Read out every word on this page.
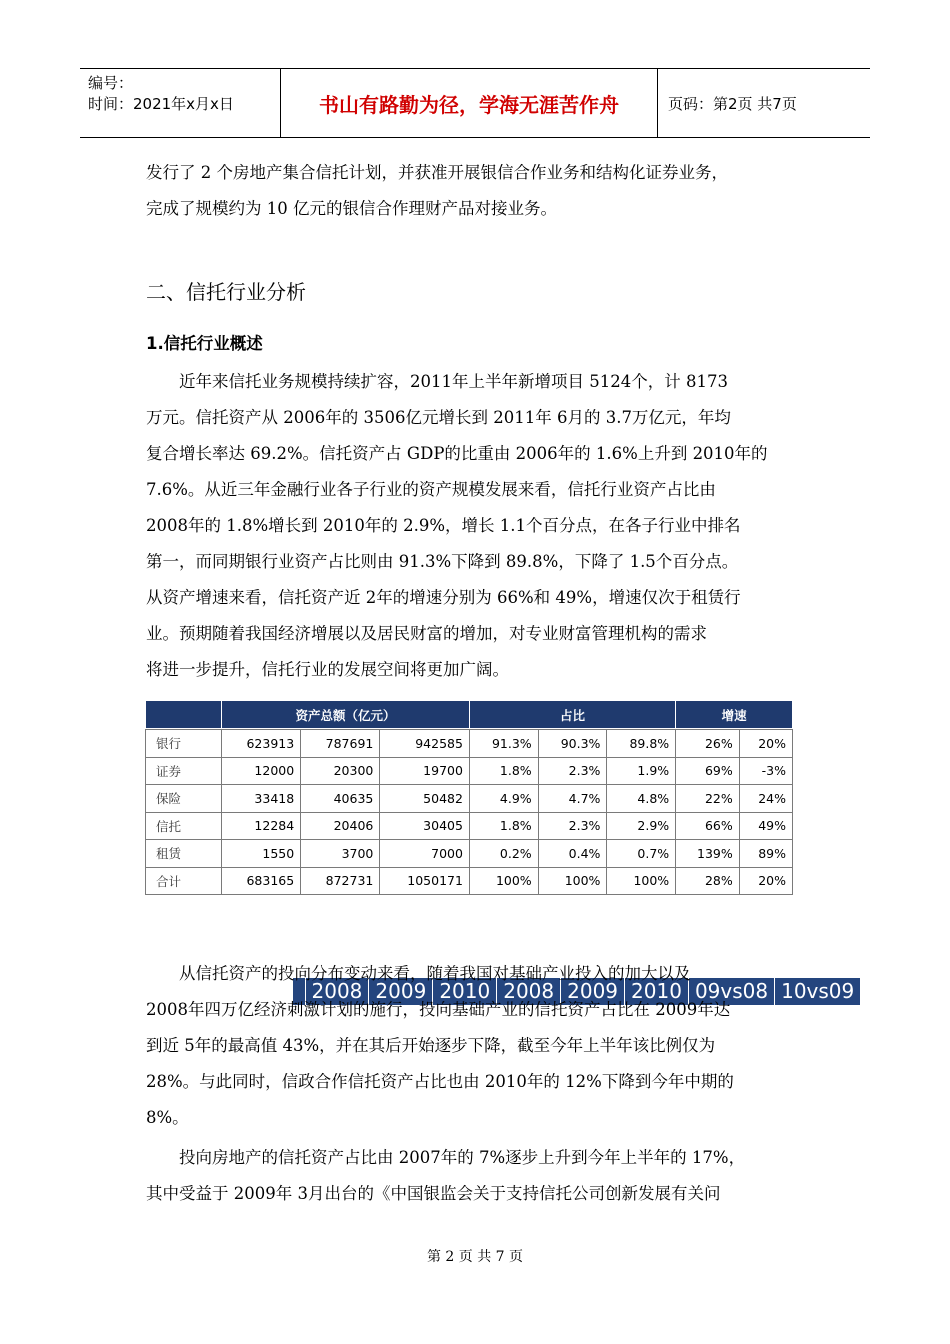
编号：
时间：2021年x月x日	书山有路勤为径，学海无涯苦作舟	页码：第2页 共7页
发行了 2 个房地产集合信托计划，并获准开展银信合作业务和结构化证券业务，
完成了规模约为 10 亿元的银信合作理财产品对接业务。
二、信托行业分析
1.信托行业概述
　　近年来信托业务规模持续扩容，2011年上半年新增项目 5124个，计 8173
万元。信托资产从 2006年的 3506亿元增长到 2011年 6月的 3.7万亿元，年均
复合增长率达 69.2%。信托资产占 GDP的比重由 2006年的 1.6%上升到 2010年的
7.6%。从近三年金融行业各子行业的资产规模发展来看，信托行业资产占比由
2008年的 1.8%增长到 2010年的 2.9%，增长 1.1个百分点，在各子行业中排名
第一，而同期银行业资产占比则由 91.3%下降到 89.8%，下降了 1.5个百分点。
从资产增速来看，信托资产近 2年的增速分别为 66%和 49%，增速仅次于租赁行
业。预期随着我国经济增展以及居民财富的增加，对专业财富管理机构的需求
将进一步提升，信托行业的发展空间将更加广阔。
	资产总额（亿元）	占比	增速

	2008	2009	2010	2008	2009	2010	09vs08	10vs09
银行	623913	787691	942585	91.3%	90.3%	89.8%	26%	20%
证券	12000	20300	19700	1.8%	2.3%	1.9%	69%	-3%
保险	33418	40635	50482	4.9%	4.7%	4.8%	22%	24%
信托	12284	20406	30405	1.8%	2.3%	2.9%	66%	49%
租赁	1550	3700	7000	0.2%	0.4%	0.7%	139%	89%
合计	683165	872731	1050171	100%	100%	100%	28%	20%
　　从信托资产的投向分布变动来看，随着我国对基础产业投入的加大以及
2008年四万亿经济刺激计划的施行，投向基础产业的信托资产占比在 2009年达
到近 5年的最高值 43%，并在其后开始逐步下降，截至今年上半年该比例仅为
28%。与此同时，信政合作信托资产占比也由 2010年的 12%下降到今年中期的
8%。
　　投向房地产的信托资产占比由 2007年的 7%逐步上升到今年上半年的 17%，
其中受益于 2009年 3月出台的《中国银监会关于支持信托公司创新发展有关问
第 2 页 共 7 页
